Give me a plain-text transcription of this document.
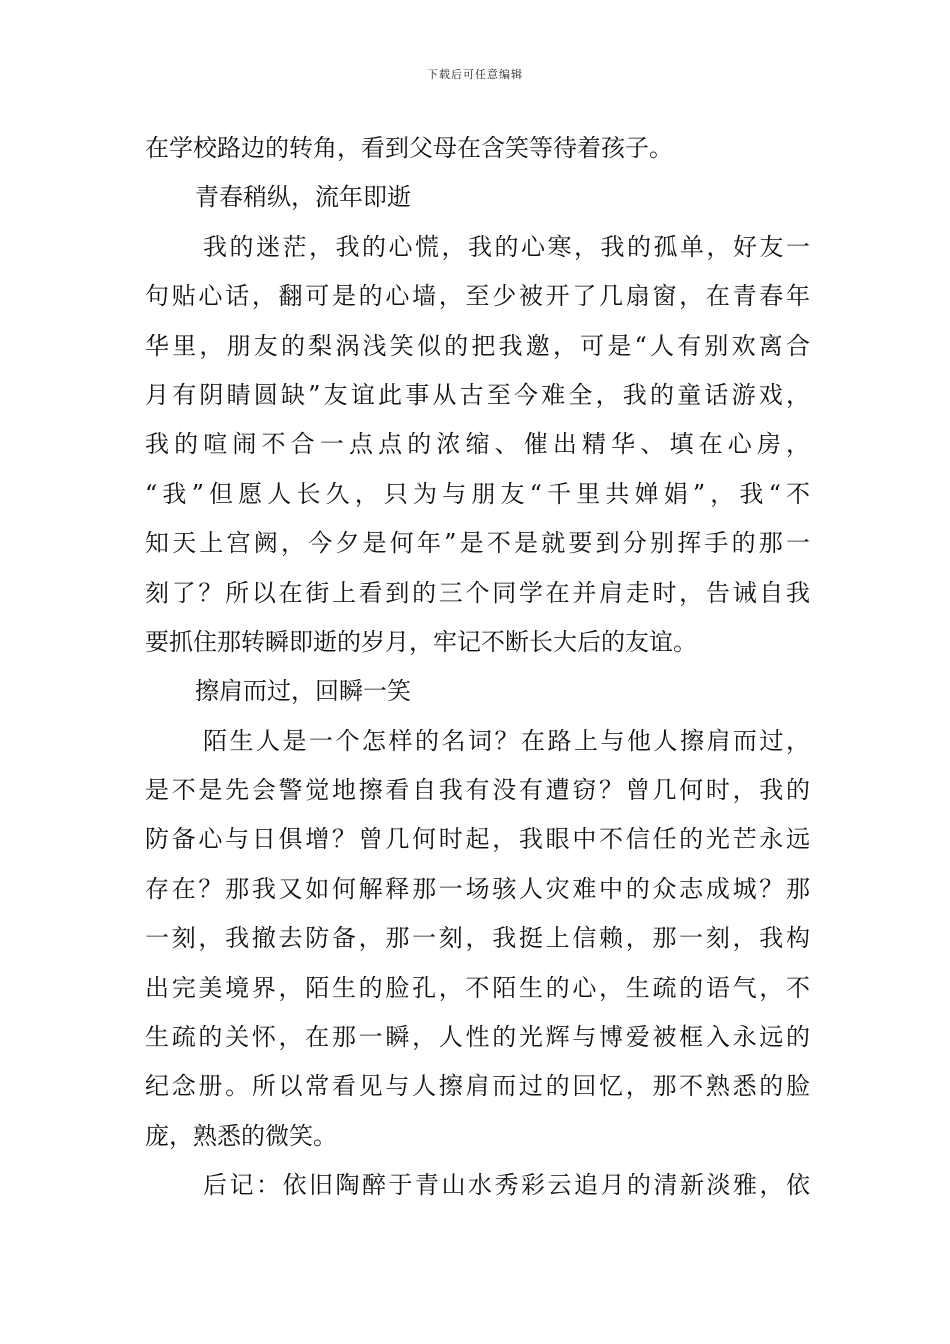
下载后可任意编辑
在学校路边的转角，看到父母在含笑等待着孩子。
青春稍纵，流年即逝
我的迷茫，我的心慌，我的心寒，我的孤单，好友一
句贴心话，翻可是的心墙，至少被开了几扇窗，在青春年
华里，朋友的梨涡浅笑似的把我邀，可是“人有别欢离合
月有阴睛圆缺”友谊此事从古至今难全，我的童话游戏，
我的喧闹不合一点点的浓缩、催出精华、填在心房，
“我”但愿人长久，只为与朋友“千里共婵娟”，我“不
知天上宫阙，今夕是何年”是不是就要到分别挥手的那一
刻了？所以在街上看到的三个同学在并肩走时，告诫自我
要抓住那转瞬即逝的岁月，牢记不断长大后的友谊。
擦肩而过，回瞬一笑
陌生人是一个怎样的名词？在路上与他人擦肩而过，
是不是先会警觉地擦看自我有没有遭窃？曾几何时，我的
防备心与日俱增？曾几何时起，我眼中不信任的光芒永远
存在？那我又如何解释那一场骇人灾难中的众志成城？那
一刻，我撤去防备，那一刻，我挺上信赖，那一刻，我构
出完美境界，陌生的脸孔，不陌生的心，生疏的语气，不
生疏的关怀，在那一瞬，人性的光辉与博爱被框入永远的
纪念册。所以常看见与人擦肩而过的回忆，那不熟悉的脸
庞，熟悉的微笑。
后记：依旧陶醉于青山水秀彩云追月的清新淡雅，依
